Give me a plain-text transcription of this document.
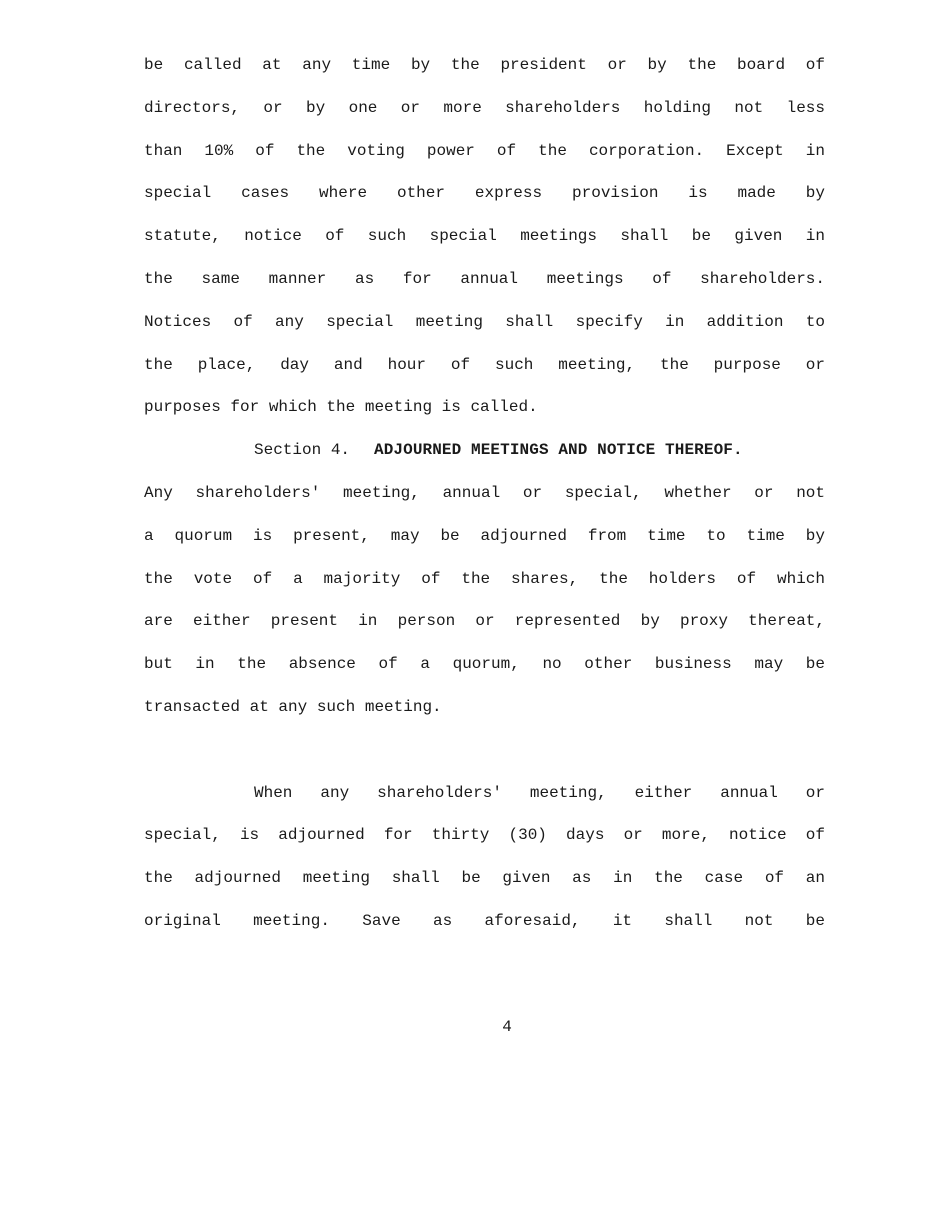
be called at any time by the president or by the board of
directors, or by one or more shareholders holding not less
than 10% of the voting power of the corporation. Except in
special cases where other express provision is made by
statute, notice of such special meetings shall be given in
the same manner as for annual meetings of shareholders.
Notices of any special meeting shall specify in addition to
the place, day and hour of such meeting, the purpose or
purposes for which the meeting is called.
Section 4. ADJOURNED MEETINGS AND NOTICE THEREOF.
Any shareholders' meeting, annual or special, whether or not
a quorum is present, may be adjourned from time to time by
the vote of a majority of the shares, the holders of which
are either present in person or represented by proxy thereat,
but in the absence of a quorum, no other business may be
transacted at any such meeting.
When any shareholders' meeting, either annual or
special, is adjourned for thirty (30) days or more, notice of
the adjourned meeting shall be given as in the case of an
original meeting. Save as aforesaid, it shall not be
4
